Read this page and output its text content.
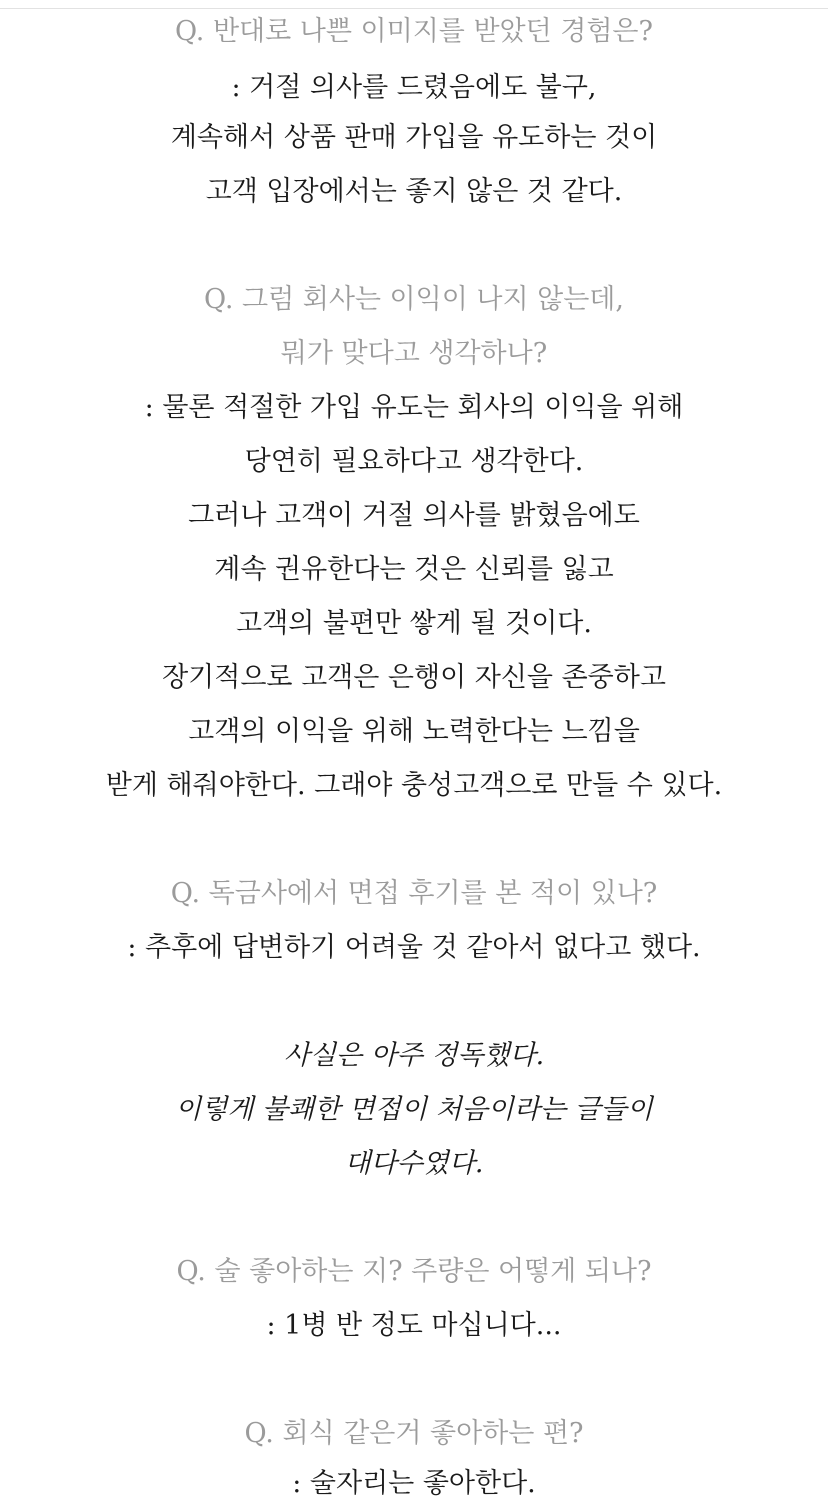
Q. 반대로 나쁜 이미지를 받았던 경험은?
: 거절 의사를 드렸음에도 불구,
계속해서 상품 판매 가입을 유도하는 것이
고객 입장에서는 좋지 않은 것 같다.
Q. 그럼 회사는 이익이 나지 않는데,
뭐가 맞다고 생각하나?
: 물론 적절한 가입 유도는 회사의 이익을 위해
당연히 필요하다고 생각한다.
그러나 고객이 거절 의사를 밝혔음에도
계속 권유한다는 것은 신뢰를 잃고
고객의 불편만 쌓게 될 것이다.
장기적으로 고객은 은행이 자신을 존중하고
고객의 이익을 위해 노력한다는 느낌을
받게 해줘야한다. 그래야 충성고객으로 만들 수 있다.
Q. 독금사에서 면접 후기를 본 적이 있나?
: 추후에 답변하기 어려울 것 같아서 없다고 했다.
사실은 아주 정독했다.
이렇게 불쾌한 면접이 처음이라는 글들이
대다수였다.
Q. 술 좋아하는 지? 주량은 어떻게 되나?
: 1병 반 정도 마십니다...
Q. 회식 같은거 좋아하는 편?
: 술자리는 좋아한다.
